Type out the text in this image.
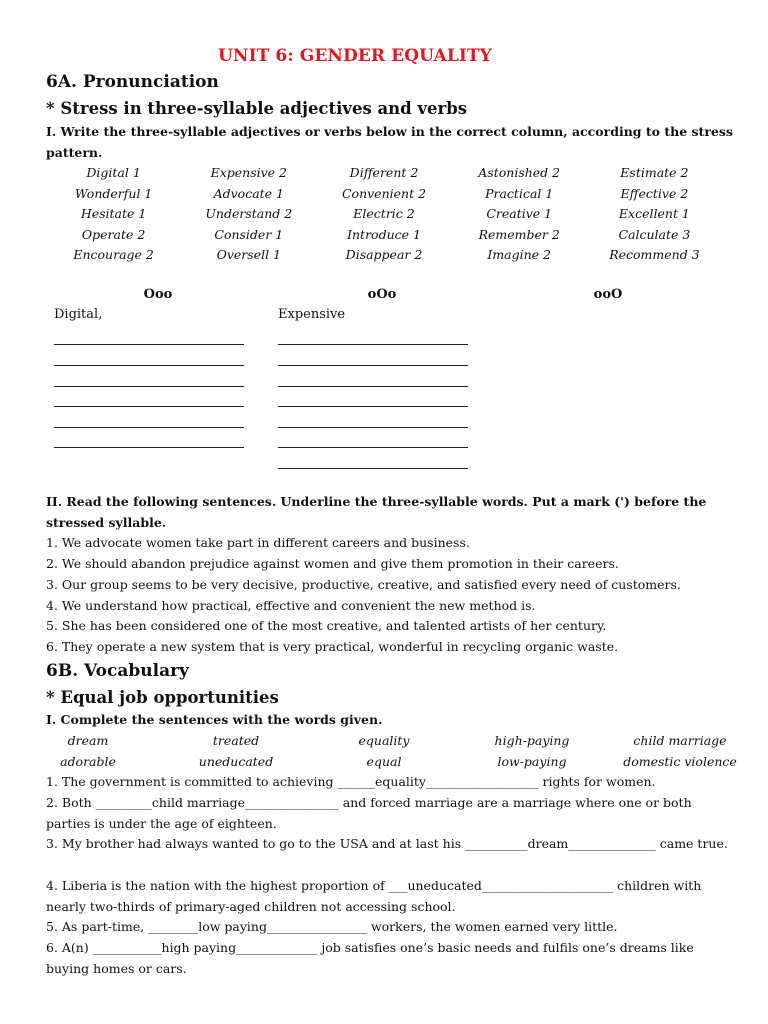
UNIT 6: GENDER EQUALITY
6A. Pronunciation
* Stress in three-syllable adjectives and verbs
I. Write the three-syllable adjectives or verbs below in the correct column, according to the stress pattern.
Digital 1	Expensive 2	Different 2	Astonished 2	Estimate 2
Wonderful 1	Advocate 1	Convenient 2	Practical 1	Effective 2
Hesitate 1	Understand 2	Electric 2	Creative 1	Excellent 1
Operate 2	Consider 1	Introduce 1	Remember 2	Calculate 3
Encourage 2	Oversell 1	Disappear 2	Imagine 2	Recommend 3
Ooo	oOo	ooO
Digital,	Expensive
II. Read the following sentences. Underline the three-syllable words. Put a mark (') before the stressed syllable.
1. We advocate women take part in different careers and business.
2. We should abandon prejudice against women and give them promotion in their careers.
3. Our group seems to be very decisive, productive, creative, and satisfied every need of customers.
4. We understand how practical, effective and convenient the new method is.
5. She has been considered one of the most creative, and talented artists of her century.
6. They operate a new system that is very practical, wonderful in recycling organic waste.
6B. Vocabulary
* Equal job opportunities
I. Complete the sentences with the words given.
dream	treated	equality	high-paying	child marriage
adorable	uneducated	equal	low-paying	domestic violence
1. The government is committed to achieving ______equality__________________ rights for women.
2. Both _________child marriage_______________ and forced marriage are a marriage where one or both parties is under the age of eighteen.
3. My brother had always wanted to go to the USA and at last his __________dream______________ came true.
4. Liberia is the nation with the highest proportion of ___uneducated_____________________ children with nearly two-thirds of primary-aged children not accessing school.
5. As part-time, ________low paying________________ workers, the women earned very little.
6. A(n) ___________high paying_____________ job satisfies one’s basic needs and fulfils one’s dreams like buying homes or cars.
